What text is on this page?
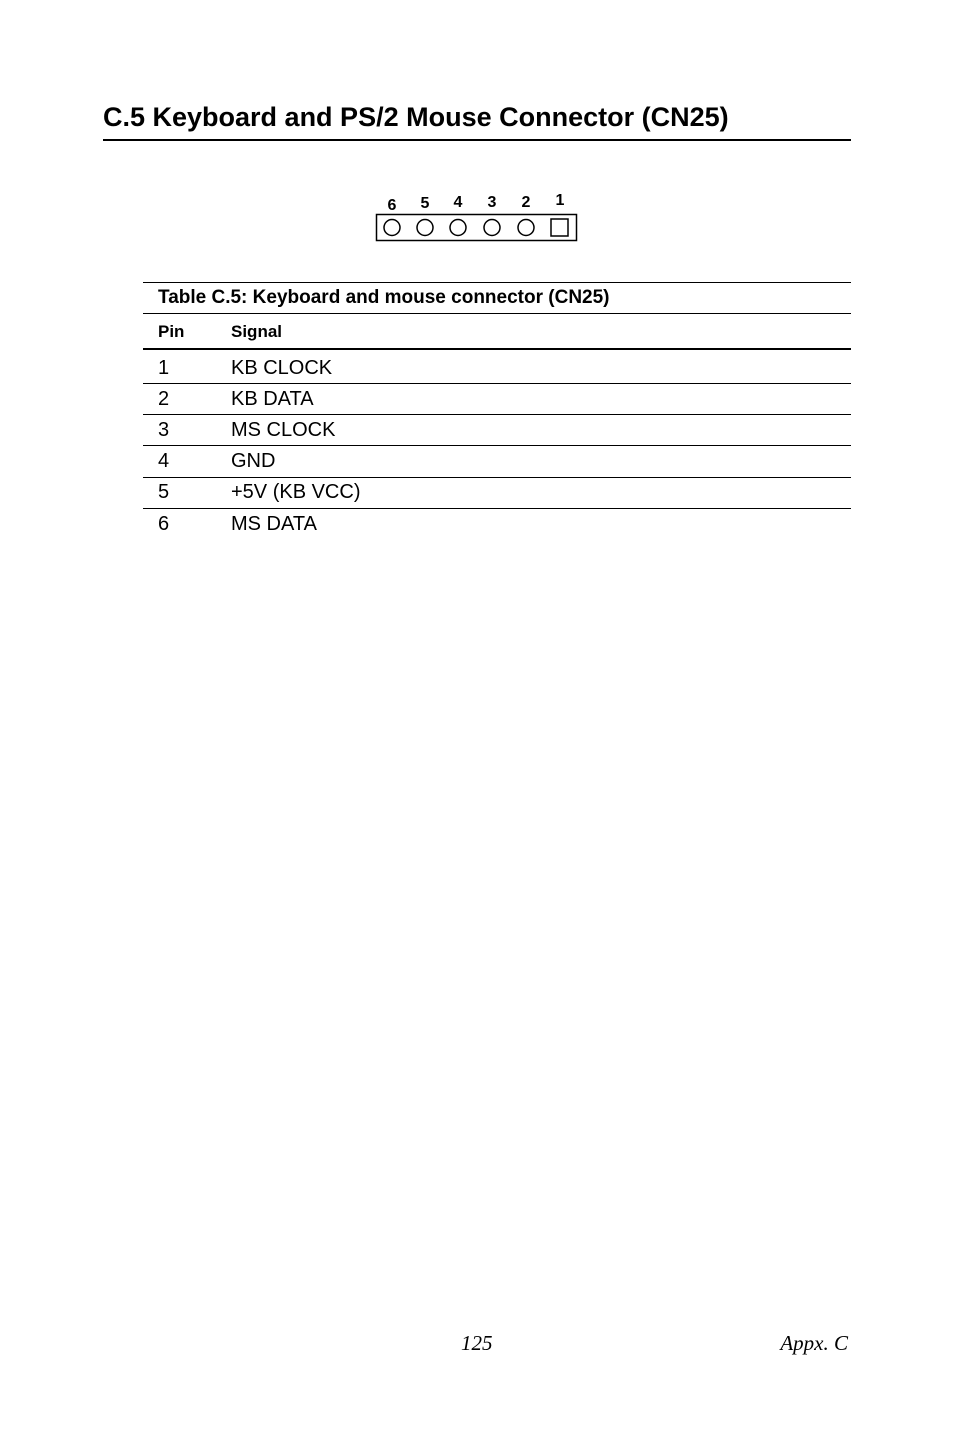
C.5 Keyboard and PS/2 Mouse Connector (CN25)
6 5 4 3 2 1
Table C.5: Keyboard and mouse connector (CN25)
Pin	Signal
1	KB CLOCK
2	KB DATA
3	MS CLOCK
4	GND
5	+5V (KB VCC)
6	MS DATA
125	Appx. C
